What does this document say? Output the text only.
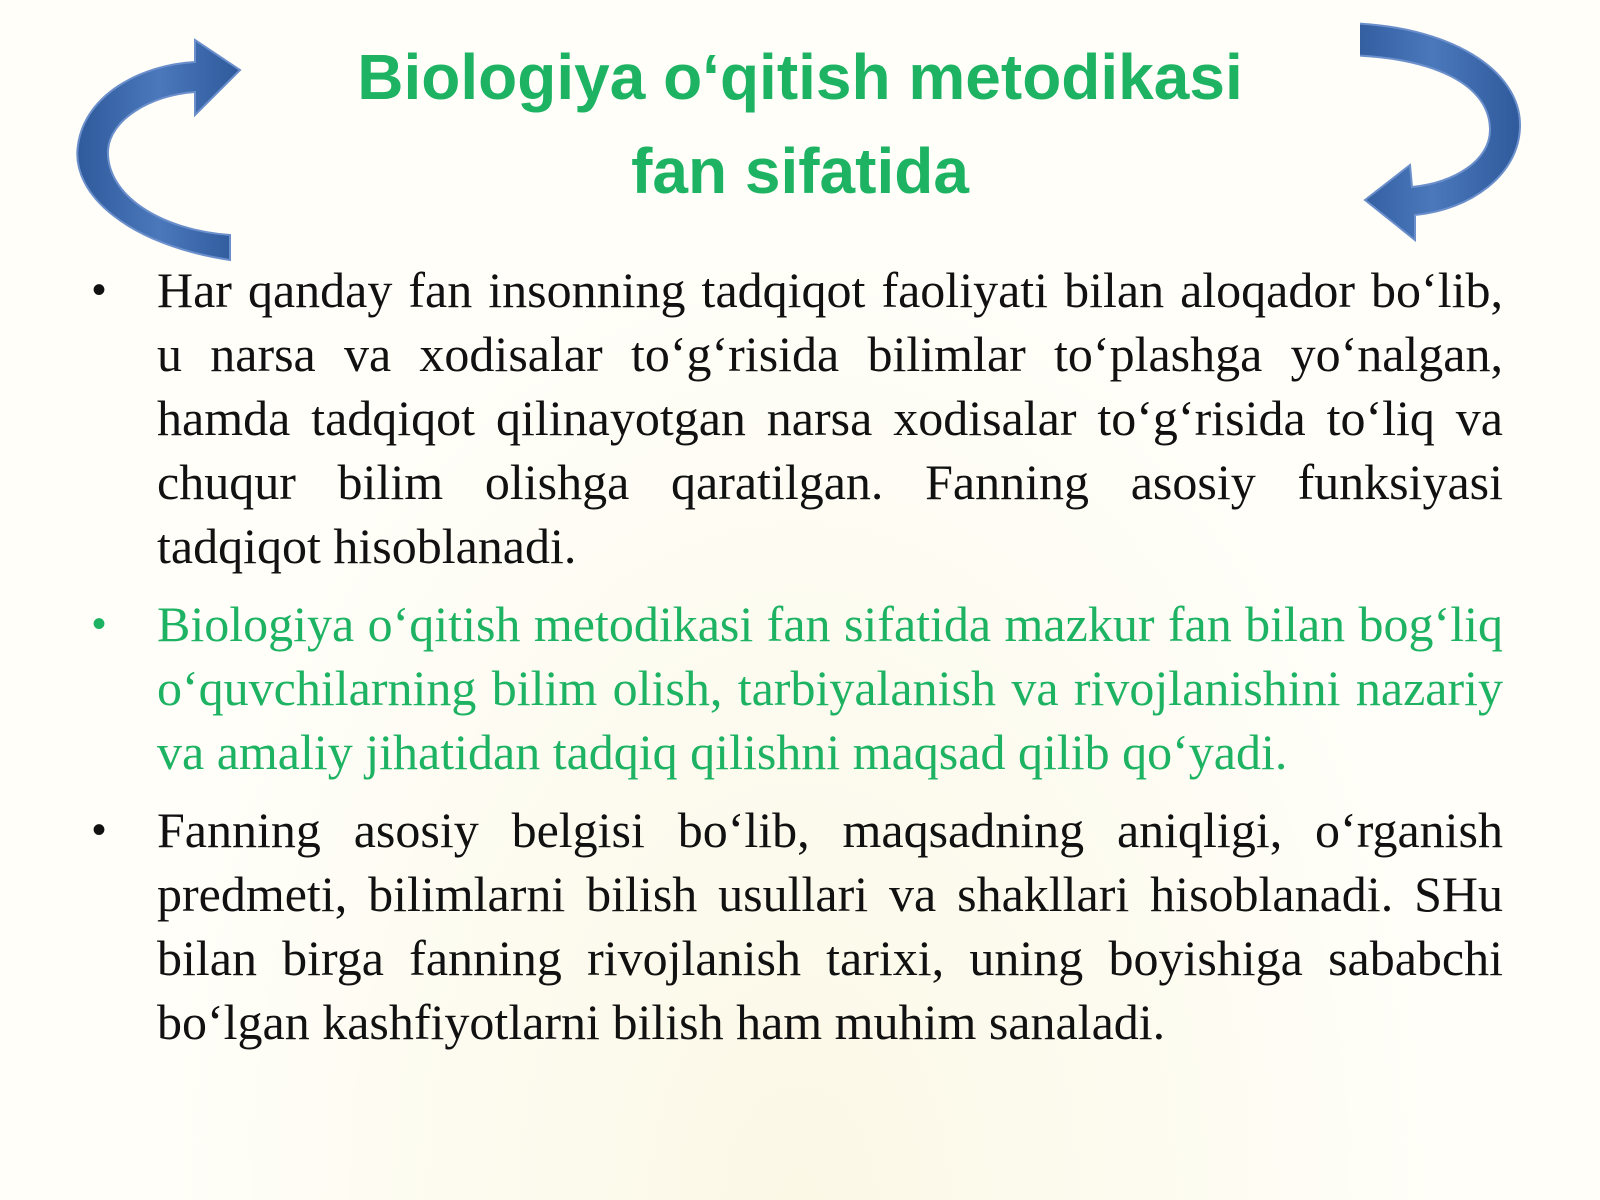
Biologiya o‘qitish metodikasi
fan sifatida
• Har qanday fan insonning tadqiqot faoliyati bilan aloqador bo‘lib, u narsa va xodisalar to‘g‘risida bilimlar to‘plashga yo‘nalgan, hamda tadqiqot qilinayotgan narsa xodisalar to‘g‘risida to‘liq va chuqur bilim olishga qaratilgan. Fanning asosiy funksiyasi tadqiqot hisoblanadi.
• Biologiya o‘qitish metodikasi fan sifatida mazkur fan bilan bog‘liq o‘quvchilarning bilim olish, tarbiyalanish va rivojlanishini nazariy va amaliy jihatidan tadqiq qilishni maqsad qilib qo‘yadi.
• Fanning asosiy belgisi bo‘lib, maqsadning aniqligi, o‘rganish predmeti, bilimlarni bilish usullari va shakllari hisoblanadi. SHu bilan birga fanning rivojlanish tarixi, uning boyishiga sababchi bo‘lgan kashfiyotlarni bilish ham muhim sanaladi.
